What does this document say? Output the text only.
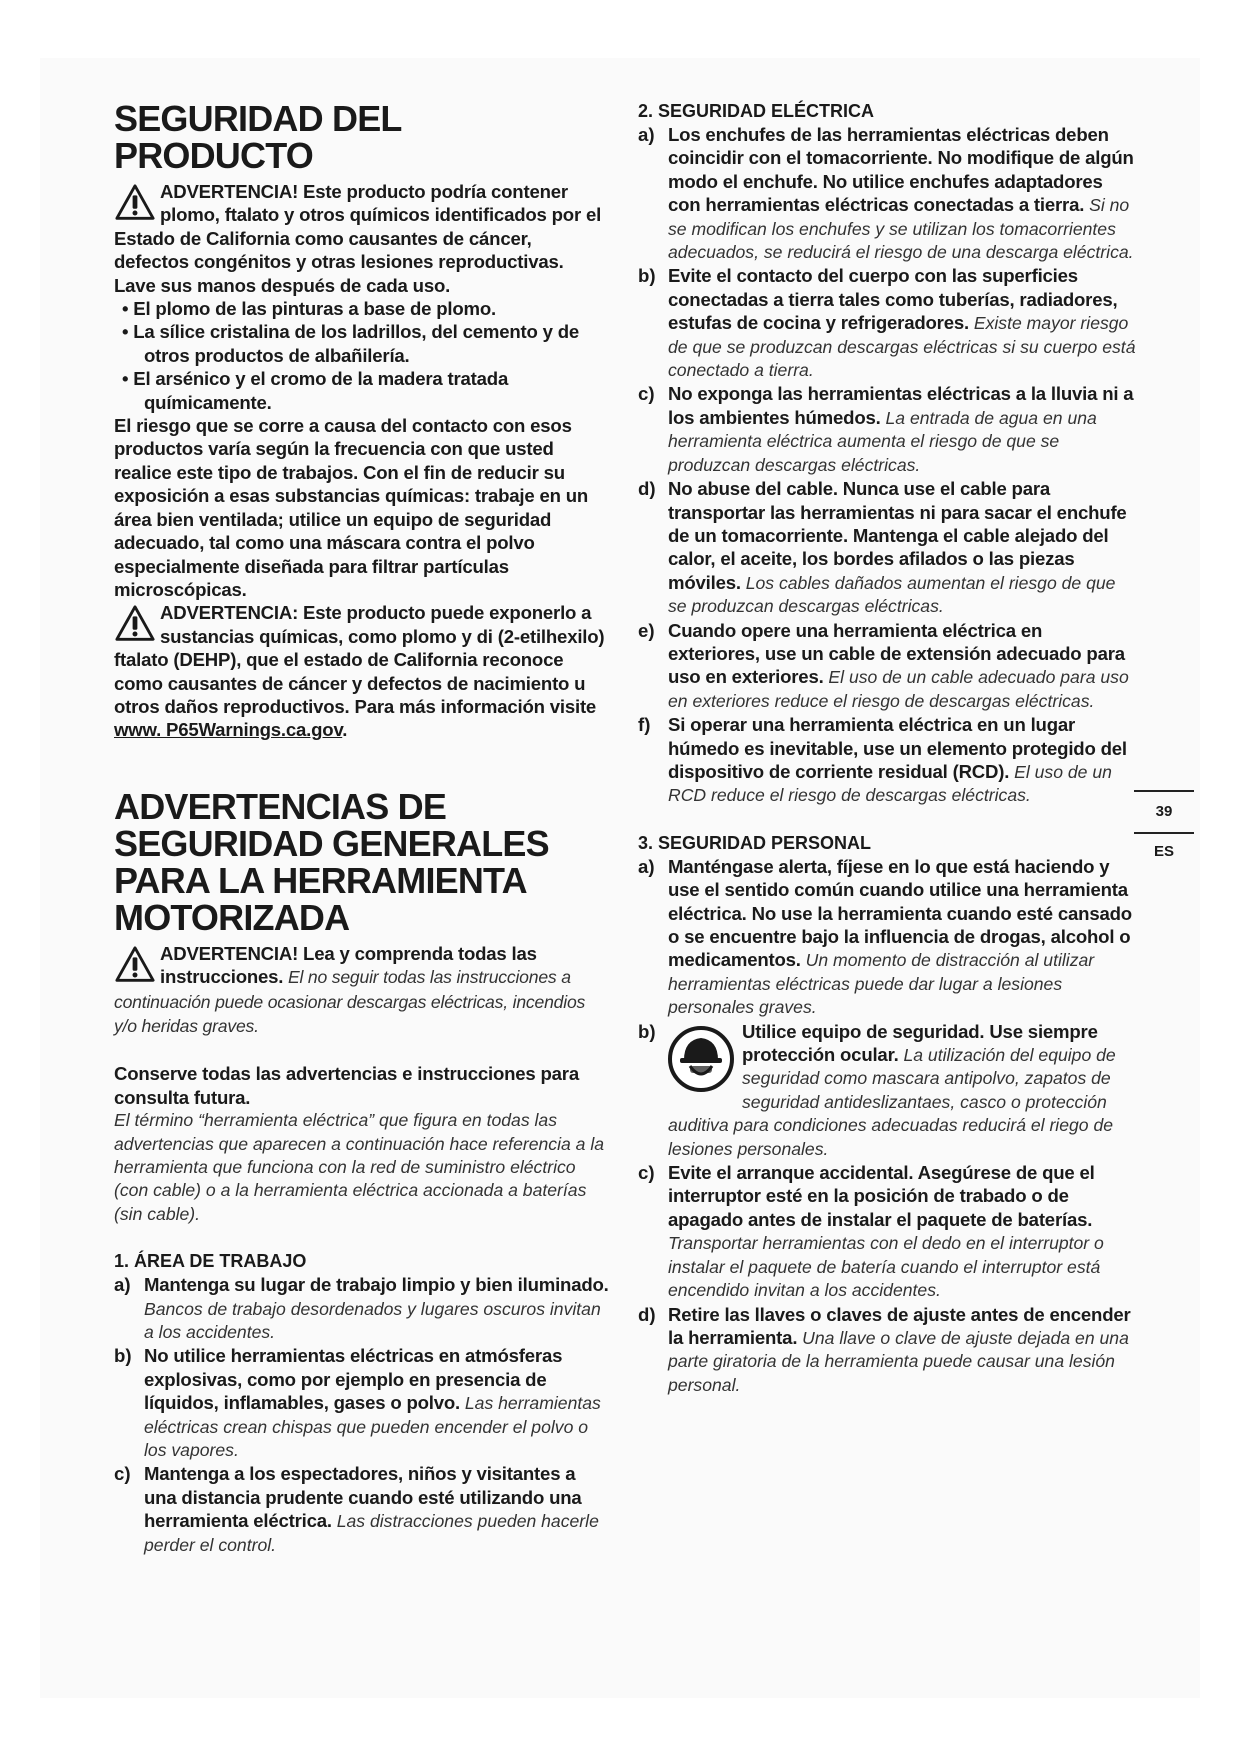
SEGURIDAD DEL
PRODUCTO

ADVERTENCIA! Este producto podría contener plomo, ftalato y otros químicos identificados por el Estado de California como causantes de cáncer, defectos congénitos y otras lesiones reproductivas. Lave sus manos después de cada uso.

• El plomo de las pinturas a base de plomo.
• La sílice cristalina de los ladrillos, del cemento y de otros productos de albañilería.
• El arsénico y el cromo de la madera tratada químicamente.

El riesgo que se corre a causa del contacto con esos productos varía según la frecuencia con que usted realice este tipo de trabajos. Con el fin de reducir su exposición a esas substancias químicas: trabaje en un área bien ventilada; utilice un equipo de seguridad adecuado, tal como una máscara contra el polvo especialmente diseñada para filtrar partículas microscópicas.

ADVERTENCIA: Este producto puede exponerlo a sustancias químicas, como plomo y di (2-etilhexilo) ftalato (DEHP), que el estado de California reconoce como causantes de cáncer y defectos de nacimiento u otros daños reproductivos. Para más información visite www. P65Warnings.ca.gov.

ADVERTENCIAS DE
SEGURIDAD GENERALES
PARA LA HERRAMIENTA
MOTORIZADA

ADVERTENCIA! Lea y comprenda todas las instrucciones. El no seguir todas las instrucciones a continuación puede ocasionar descargas eléctricas, incendios y/o heridas graves.

Conserve todas las advertencias e instrucciones para consulta futura.

El término “herramienta eléctrica” que figura en todas las advertencias que aparecen a continuación hace referencia a la herramienta que funciona con la red de suministro eléctrico (con cable) o a la herramienta eléctrica accionada a baterías (sin cable).

1. ÁREA DE TRABAJO

a) Mantenga su lugar de trabajo limpio y bien iluminado. Bancos de trabajo desordenados y lugares oscuros invitan a los accidentes.
b) No utilice herramientas eléctricas en atmósferas explosivas, como por ejemplo en presencia de líquidos, inflamables, gases o polvo. Las herramientas eléctricas crean chispas que pueden encender el polvo o los vapores.
c) Mantenga a los espectadores, niños y visitantes a una distancia prudente cuando esté utilizando una herramienta eléctrica. Las distracciones pueden hacerle perder el control.

2. SEGURIDAD ELÉCTRICA

a) Los enchufes de las herramientas eléctricas deben coincidir con el tomacorriente. No modifique de algún modo el enchufe. No utilice enchufes adaptadores con herramientas eléctricas conectadas a tierra. Si no se modifican los enchufes y se utilizan los tomacorrientes adecuados, se reducirá el riesgo de una descarga eléctrica.
b) Evite el contacto del cuerpo con las superficies conectadas a tierra tales como tuberías, radiadores, estufas de cocina y refrigeradores. Existe mayor riesgo de que se produzcan descargas eléctricas si su cuerpo está conectado a tierra.
c) No exponga las herramientas eléctricas a la lluvia ni a los ambientes húmedos. La entrada de agua en una herramienta eléctrica aumenta el riesgo de que se produzcan descargas eléctricas.
d) No abuse del cable. Nunca use el cable para transportar las herramientas ni para sacar el enchufe de un tomacorriente. Mantenga el cable alejado del calor, el aceite, los bordes afilados o las piezas móviles. Los cables dañados aumentan el riesgo de que se produzcan descargas eléctricas.
e) Cuando opere una herramienta eléctrica en exteriores, use un cable de extensión adecuado para uso en exteriores. El uso de un cable adecuado para uso en exteriores reduce el riesgo de descargas eléctricas.
f) Si operar una herramienta eléctrica en un lugar húmedo es inevitable, use un elemento protegido del dispositivo de corriente residual (RCD). El uso de un RCD reduce el riesgo de descargas eléctricas.

3. SEGURIDAD PERSONAL

a) Manténgase alerta, fíjese en lo que está haciendo y use el sentido común cuando utilice una herramienta eléctrica. No use la herramienta cuando esté cansado o se encuentre bajo la influencia de drogas, alcohol o medicamentos. Un momento de distracción al utilizar herramientas eléctricas puede dar lugar a lesiones personales graves.
b)	Utilice equipo de seguridad. Use siempre protección ocular. La utilización del equipo de seguridad como mascara antipolvo, zapatos de seguridad antideslizantaes, casco o protección auditiva para condiciones adecuadas reducirá el riego de lesiones personales.
c) Evite el arranque accidental. Asegúrese de que el interruptor esté en la posición de trabado o de apagado antes de instalar el paquete de baterías. Transportar herramientas con el dedo en el interruptor o instalar el paquete de batería cuando el interruptor está encendido invitan a los accidentes.
d) Retire las llaves o claves de ajuste antes de encender la herramienta. Una llave o clave de ajuste dejada en una parte giratoria de la herramienta puede causar una lesión personal.
39
ES
